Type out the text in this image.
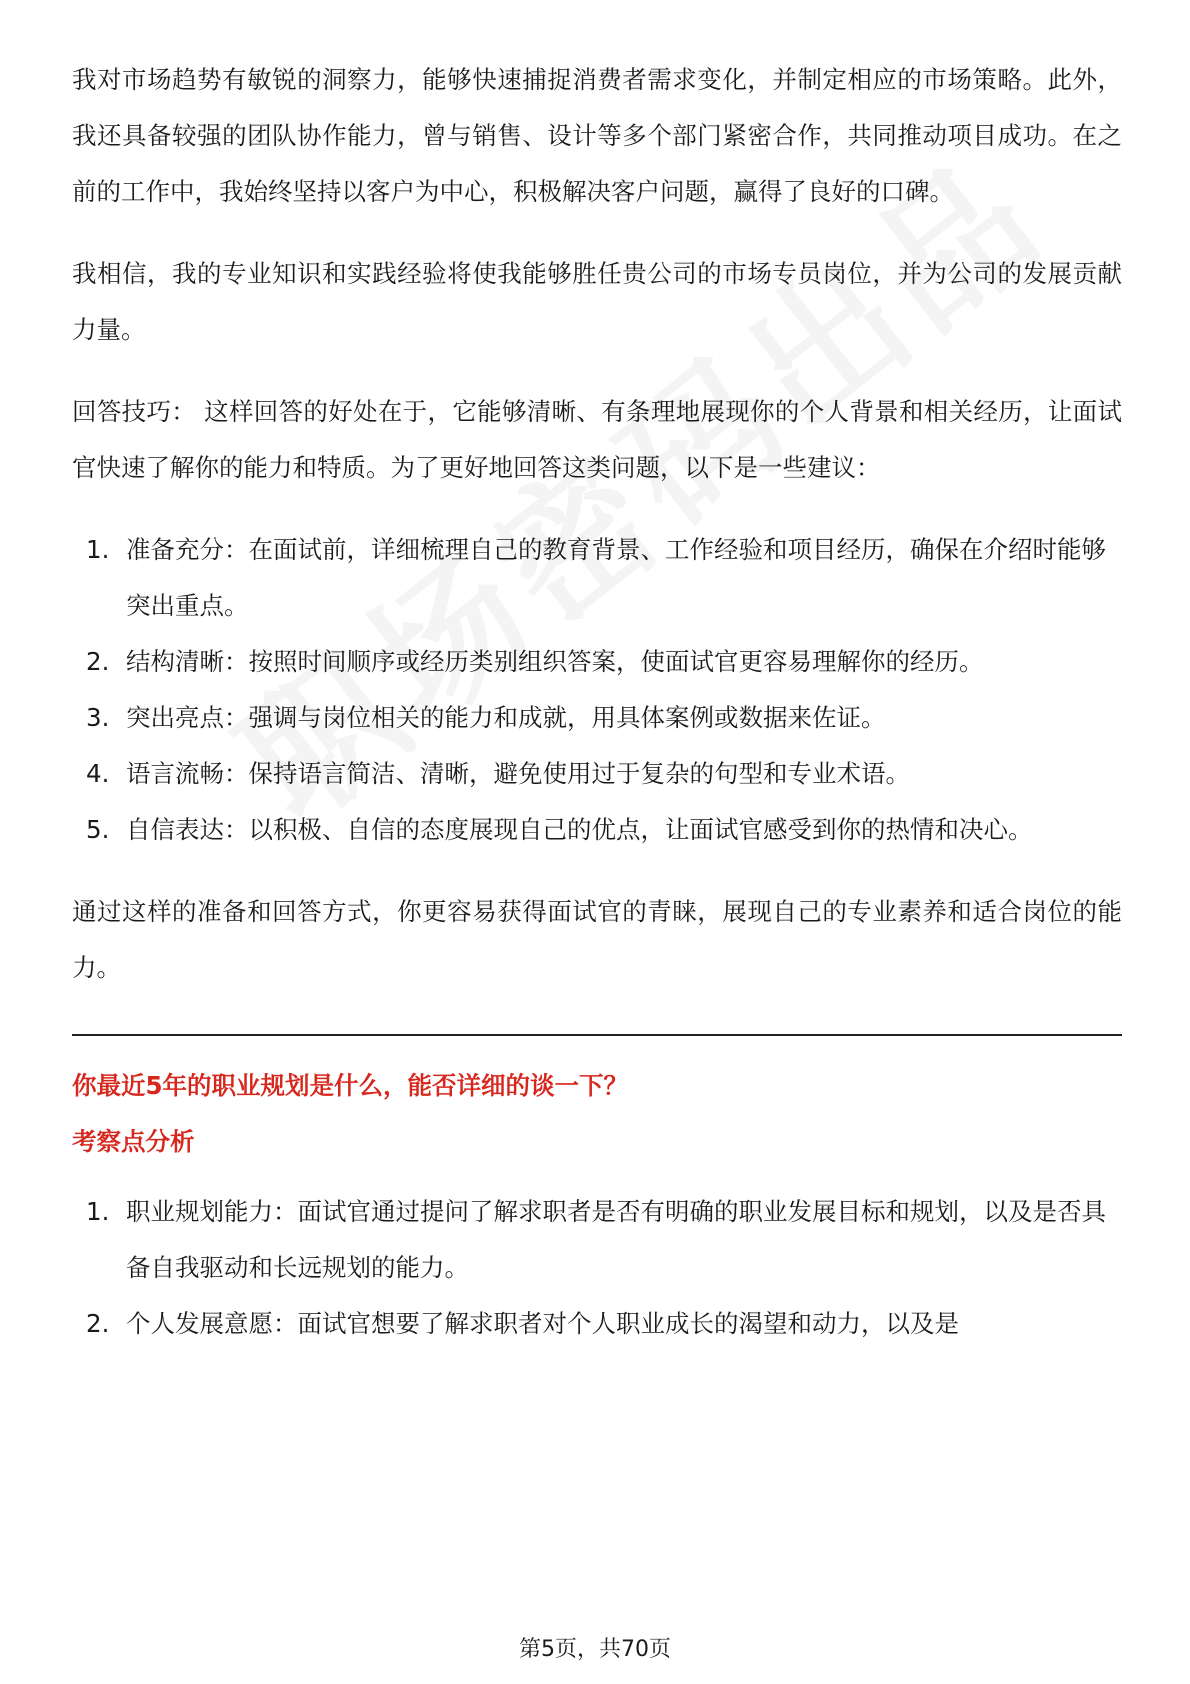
我对市场趋势有敏锐的洞察力，能够快速捕捉消费者需求变化，并制定相应的市场策略。此外，我还具备较强的团队协作能力，曾与销售、设计等多个部门紧密合作，共同推动项目成功。在之前的工作中，我始终坚持以客户为中心，积极解决客户问题，赢得了良好的口碑。

我相信，我的专业知识和实践经验将使我能够胜任贵公司的市场专员岗位，并为公司的发展贡献力量。

回答技巧： 这样回答的好处在于，它能够清晰、有条理地展现你的个人背景和相关经历，让面试官快速了解你的能力和特质。为了更好地回答这类问题，以下是一些建议：

1. 准备充分：在面试前，详细梳理自己的教育背景、工作经验和项目经历，确保在介绍时能够突出重点。
2. 结构清晰：按照时间顺序或经历类别组织答案，使面试官更容易理解你的经历。
3. 突出亮点：强调与岗位相关的能力和成就，用具体案例或数据来佐证。
4. 语言流畅：保持语言简洁、清晰，避免使用过于复杂的句型和专业术语。
5. 自信表达：以积极、自信的态度展现自己的优点，让面试官感受到你的热情和决心。

通过这样的准备和回答方式，你更容易获得面试官的青睐，展现自己的专业素养和适合岗位的能力。

你最近5年的职业规划是什么，能否详细的谈一下？

考察点分析

1. 职业规划能力：面试官通过提问了解求职者是否有明确的职业发展目标和规划，以及是否具备自我驱动和长远规划的能力。
2. 个人发展意愿：面试官想要了解求职者对个人职业成长的渴望和动力，以及是
第5页，共70页
